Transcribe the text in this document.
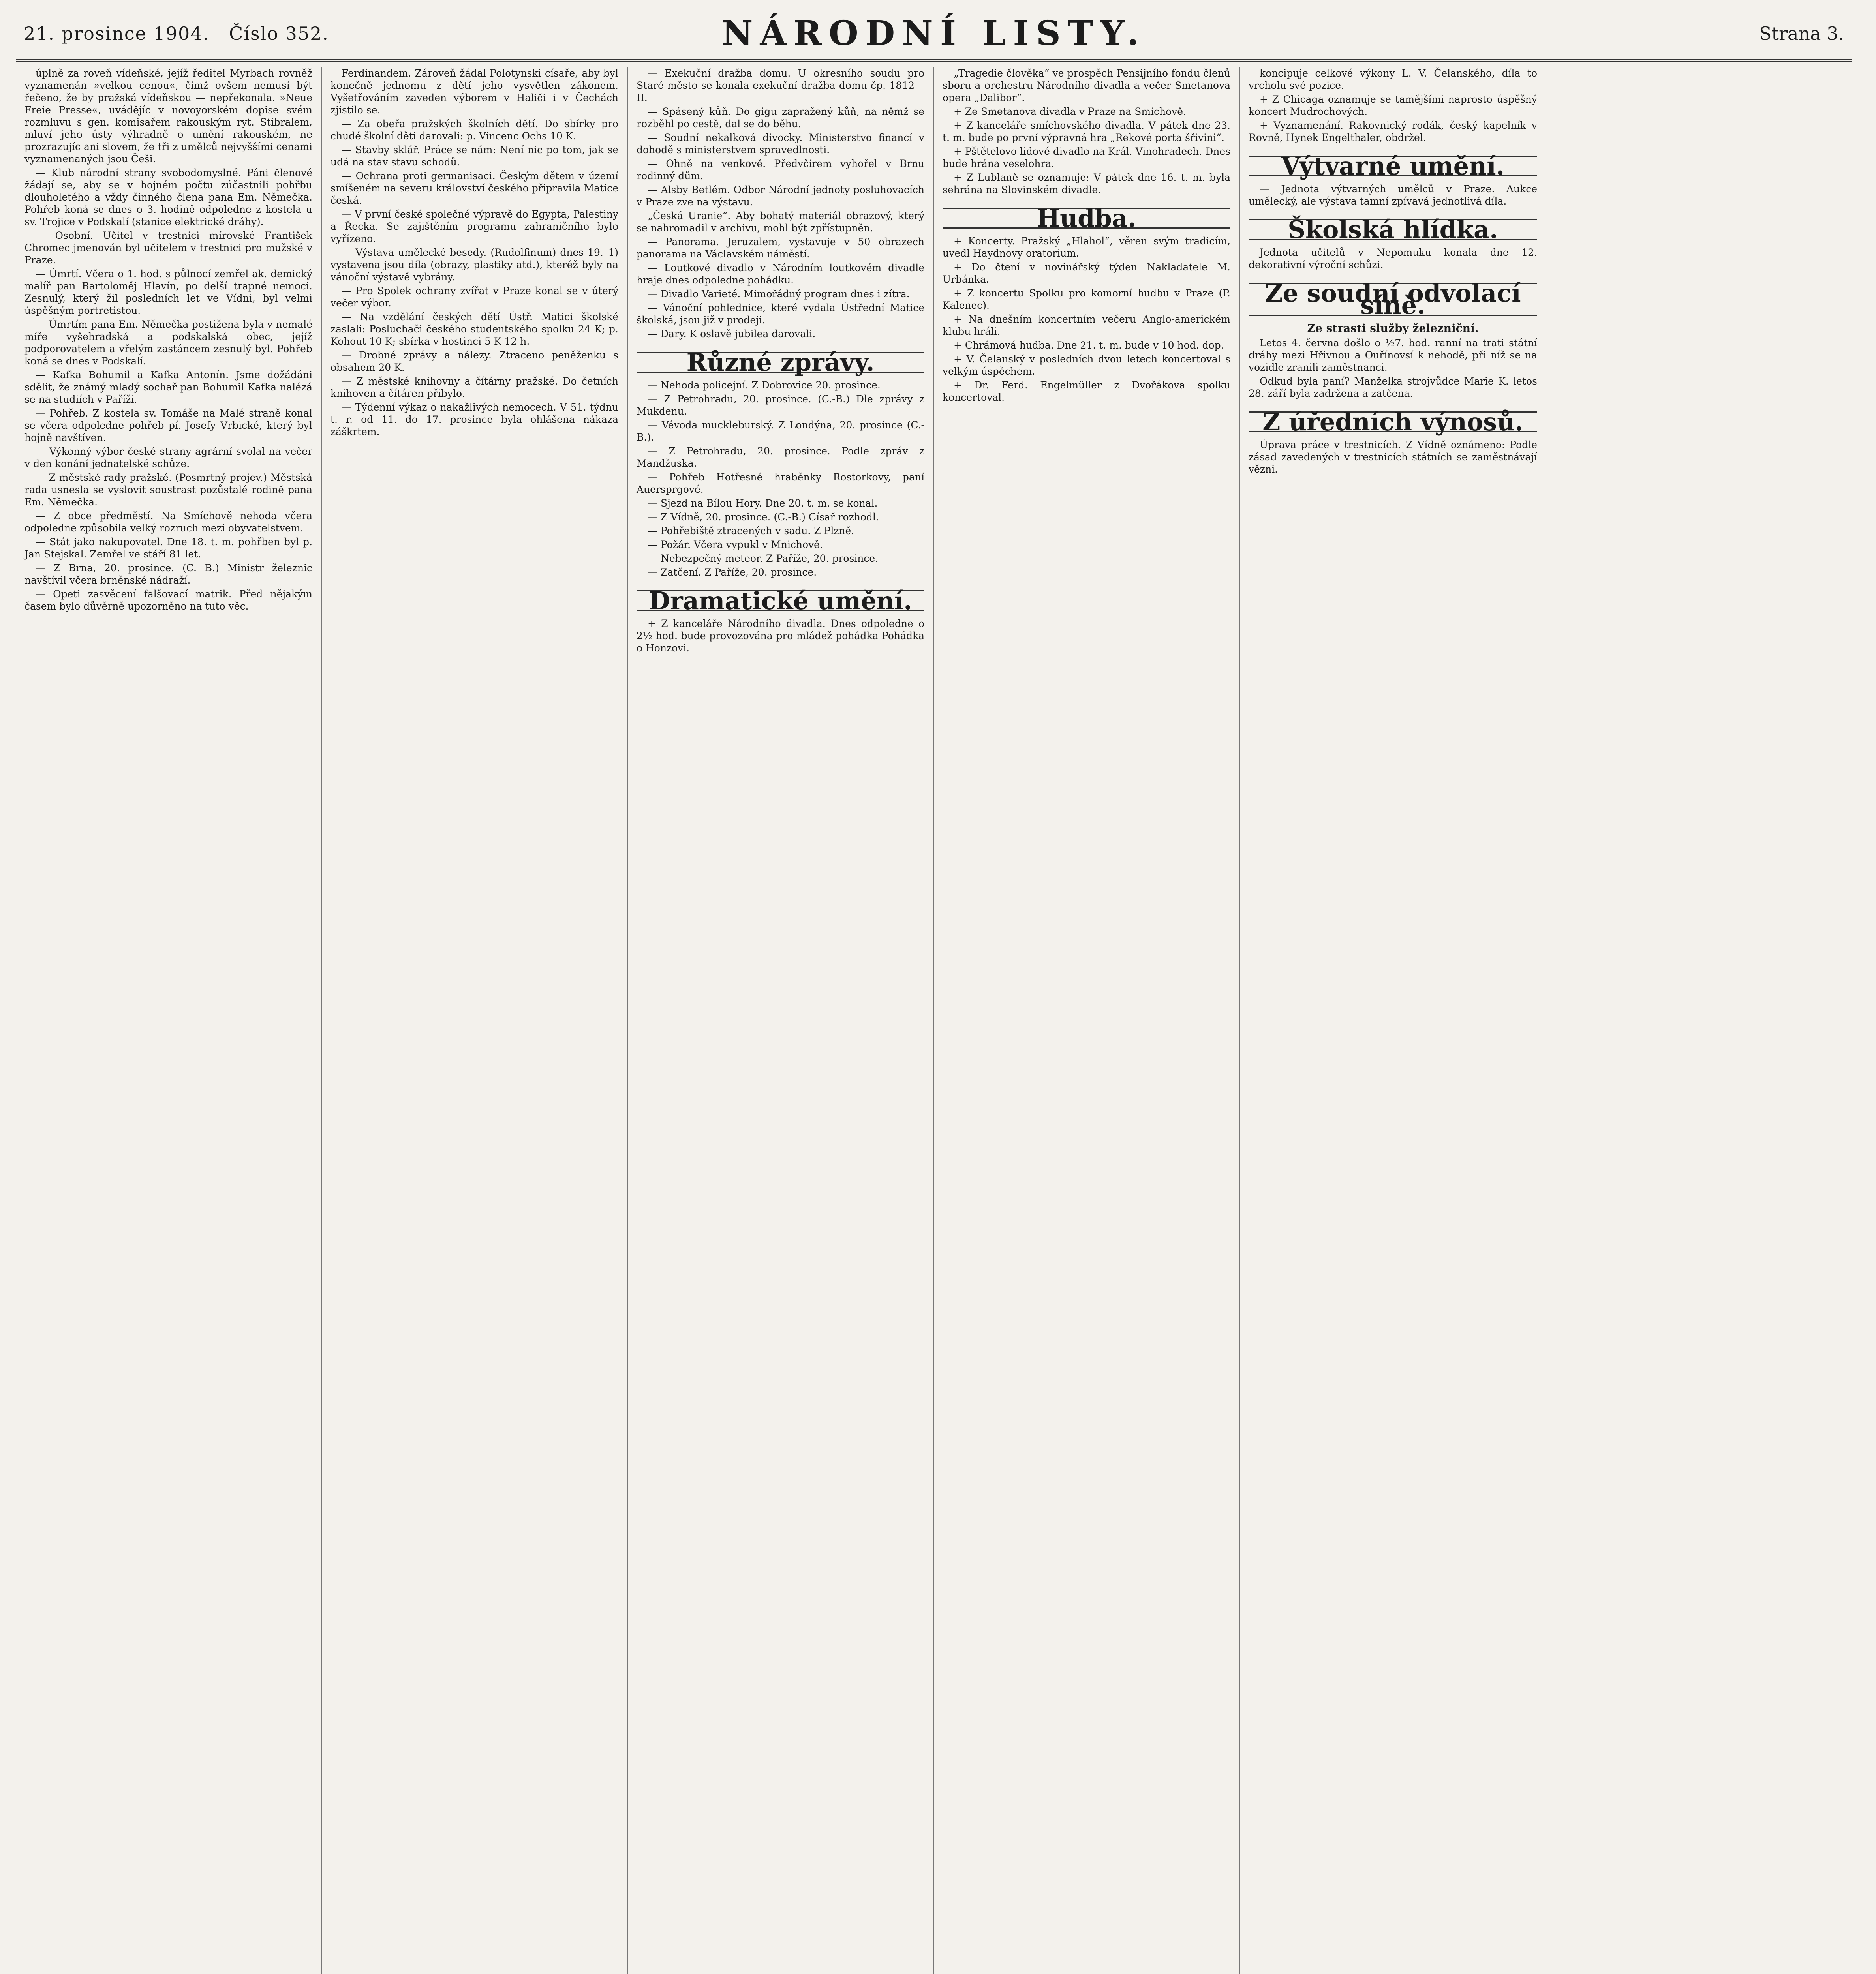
21. prosince 1904. Číslo 352.	NÁRODNÍ LISTY.	Strana 3.

úplně za roveň vídeňské, jejíž ředitel Myrbach rovněž vyznamenán »velkou cenou«, čímž ovšem nemusí být řečeno, že by pražská vídeňskou — nepřekonala. »Neue Freie Presse«, uvádějíc v novoyorském dopise svém rozmluvu s gen. komisařem rakouským ryt. Stibralem, mluví jeho ústy výhradně o umění rakouském, ne prozrazujíc ani slovem, že tři z umělců nejvyššími cenami vyznamenaných jsou Češi.

— Klub národní strany svobodomyslné. Páni členové žádají se, aby se v hojném počtu zúčastnili pohřbu dlouholetého a vždy činného člena pana Em. Němečka. Pohřeb koná se dnes o 3. hodině odpoledne z kostela u sv. Trojice v Podskalí (stanice elektrické dráhy).

— Osobní. Učitel v trestnici mírovské František Chromec jmenován byl učitelem v trestnici pro mužské v Praze.

— Úmrtí. Včera o 1. hod. s půlnocí zemřel ak. demický malíř pan Bartoloměj Hlavín, po delší trapné nemoci. Zesnulý, který žil posledních let ve Vídni, byl velmi úspěšným portretistou.

— Úmrtím pana Em. Němečka postižena byla v nemalé míře vyšehradská a podskalská obec, jejíž podporovatelem a vřelým zastáncem zesnulý byl. Pohřeb koná se dnes v Podskalí.

— Kafka Bohumil a Kafka Antonín. Jsme dožádáni sdělit, že známý mladý sochař pan Bohumil Kafka nalézá se na studiích v Paříži.

— Pohřeb. Z kostela sv. Tomáše na Malé straně konal se včera odpoledne pohřeb pí. Josefy Vrbické, který byl hojně navštíven.

— Výkonný výbor české strany agrární svolal na večer v den konání jednatelské schůze.

— Z městské rady pražské. (Posmrtný projev.) Městská rada usnesla se vyslovit soustrast pozůstalé rodině pana Em. Němečka.

— Z obce předměstí. Na Smíchově nehoda včera odpoledne způsobila velký rozruch mezi obyvatelstvem.

— Stát jako nakupovatel. Dne 18. t. m. pohřben byl p. Jan Stejskal. Zemřel ve stáří 81 let.

— Z Brna, 20. prosince. (C. B.) Ministr železnic navštívil včera brněnské nádraží.

— Opeti zasvěcení falšovací matrik. Před nějakým časem bylo důvěrně upozorněno na tuto věc.

Ferdinandem. Zároveň žádal Polotynski císaře, aby byl konečně jednomu z dětí jeho vysvětlen zákonem. Vyšetřováním zaveden výborem v Haliči i v Čechách zjistilo se.

— Za obeřa pražských školních dětí. Do sbírky pro chudé školní děti darovali: p. Vincenc Ochs 10 K.

— Stavby sklář. Práce se nám: Není nic po tom, jak se udá na stav stavu schodů.

— Ochrana proti germanisaci. Českým dětem v území smíšeném na severu království českého připravila Matice česká.

— V první české společné výpravě do Egypta, Palestiny a Řecka. Se zajištěním programu zahraničního bylo vyřízeno.

— Výstava umělecké besedy. (Rudolfinum) dnes 19.–1) vystavena jsou díla (obrazy, plastiky atd.), kteréž byly na vánoční výstavě vybrány.

— Pro Spolek ochrany zvířat v Praze konal se v úterý večer výbor.

— Na vzdělání českých dětí Ústř. Matici školské zaslali: Posluchači českého studentského spolku 24 K; p. Kohout 10 K; sbírka v hostinci 5 K 12 h.

— Drobné zprávy a nálezy. Ztraceno peněženku s obsahem 20 K.

— Z městské knihovny a čítárny pražské. Do četních knihoven a čítáren přibylo.

— Týdenní výkaz o nakažlivých nemocech. V 51. týdnu t. r. od 11. do 17. prosince byla ohlášena nákaza záškrtem.

— Exekuční dražba domu. U okresního soudu pro Staré město se konala exekuční dražba domu čp. 1812—II.

— Spásený kůň. Do gigu zapražený kůň, na němž se rozběhl po cestě, dal se do běhu.

— Soudní nekalková divocky. Ministerstvo financí v dohodě s ministerstvem spravedlnosti.

— Ohně na venkově. Předvčírem vyhořel v Brnu rodinný dům.

— Alsby Betlém. Odbor Národní jednoty posluhovacích v Praze zve na výstavu.

„Česká Uranie“. Aby bohatý materiál obrazový, který se nahromadil v archivu, mohl být zpřístupněn.

— Panorama. Jeruzalem, vystavuje v 50 obrazech panorama na Václavském náměstí.

— Loutkové divadlo v Národním loutkovém divadle hraje dnes odpoledne pohádku.

— Divadlo Varieté. Mimořádný program dnes i zítra.

— Vánoční pohlednice, které vydala Ústřední Matice školská, jsou již v prodeji.

— Dary. K oslavě jubilea darovali.

Různé zprávy.

— Nehoda policejní. Z Dobrovice 20. prosince.

— Z Petrohradu, 20. prosince. (C.-B.) Dle zprávy z Mukdenu.

— Vévoda muckleburský. Z Londýna, 20. prosince (C.-B.).

— Z Petrohradu, 20. prosince. Podle zpráv z Mandžuska.

— Pohřeb Hotřesné hraběnky Rostorkovy, paní Auersprgové.

— Sjezd na Bílou Hory. Dne 20. t. m. se konal.

— Z Vídně, 20. prosince. (C.-B.) Císař rozhodl.

— Pohřebiště ztracených v sadu. Z Plzně.

— Požár. Včera vypukl v Mnichově.

— Nebezpečný meteor. Z Paříže, 20. prosince.

— Zatčení. Z Paříže, 20. prosince.

Dramatické umění.

+ Z kanceláře Národního divadla. Dnes odpoledne o 2½ hod. bude provozována pro mládež pohádka Pohádka o Honzovi.

„Tragedie člověka“ ve prospěch Pensijního fondu členů sboru a orchestru Národního divadla a večer Smetanova opera „Dalibor“.

+ Ze Smetanova divadla v Praze na Smíchově.

+ Z kanceláře smíchovského divadla. V pátek dne 23. t. m. bude po první výpravná hra „Rekové porta šřivini“.

+ Pštětelovo lidové divadlo na Král. Vinohradech. Dnes bude hrána veselohra.

+ Z Lublaně se oznamuje: V pátek dne 16. t. m. byla sehrána na Slovinském divadle.

Hudba.

+ Koncerty. Pražský „Hlahol“, věren svým tradicím, uvedl Haydnovy oratorium.

+ Do čtení v novinářský týden Nakladatele M. Urbánka.

+ Z koncertu Spolku pro komorní hudbu v Praze (P. Kalenec).

+ Na dnešním koncertním večeru Anglo-americkém klubu hráli.

+ Chrámová hudba. Dne 21. t. m. bude v 10 hod. dop.

+ V. Čelanský v posledních dvou letech koncertoval s velkým úspěchem.

+ Dr. Ferd. Engelmüller z Dvořákova spolku koncertoval.

koncipuje celkové výkony L. V. Čelanského, díla to vrcholu své pozice.

+ Z Chicaga oznamuje se tamějšími naprosto úspěšný koncert Mudrochových.

+ Vyznamenání. Rakovnický rodák, český kapelník v Rovně, Hynek Engelthaler, obdržel.

Výtvarné umění.

— Jednota výtvarných umělců v Praze. Aukce umělecký, ale výstava tamní zpívavá jednotlivá díla.

Školská hlídka.

Jednota učitelů v Nepomuku konala dne 12. dekorativní výroční schůzi.

Ze soudní odvolací síně.
Ze strasti služby železniční.

Letos 4. června došlo o ½7. hod. ranní na trati státní dráhy mezi Hřivnou a Ouřínovsí k nehodě, při níž se na vozidle zranili zaměstnanci.

Odkud byla paní? Manželka strojvůdce Marie K. letos 28. září byla zadržena a zatčena.

Z úředních výnosů.

Úprava práce v trestnicích. Z Vídně oznámeno: Podle zásad zavedených v trestnicích státních se zaměstnávají vězni.
